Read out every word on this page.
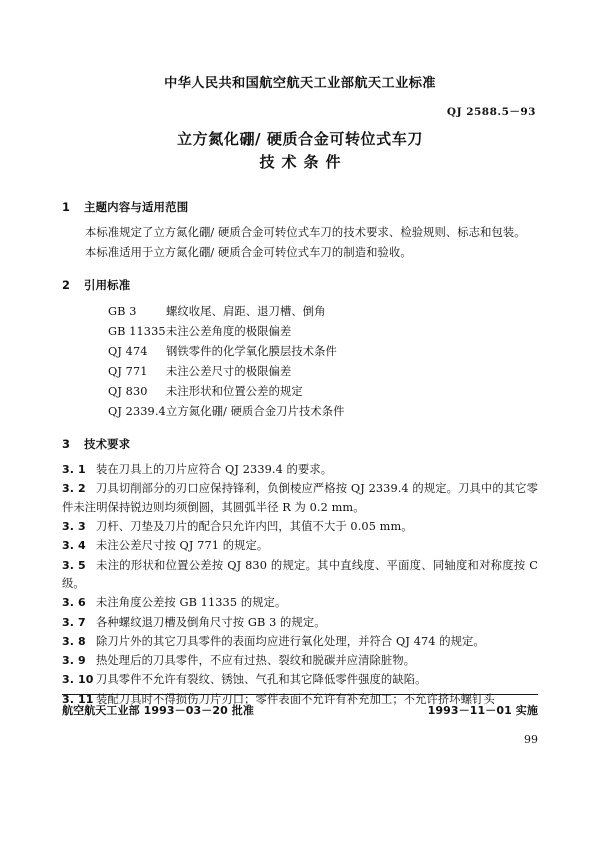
中华人民共和国航空航天工业部航天工业标准
QJ 2588.5－93
立方氮化硼/ 硬质合金可转位式车刀
技术条件
1 主题内容与适用范围

本标准规定了立方氮化硼/ 硬质合金可转位式车刀的技术要求、检验规则、标志和包装。

本标准适用于立方氮化硼/ 硬质合金可转位式车刀的制造和验收。

2 引用标准
GB 3	螺纹收尾、肩距、退刀槽、倒角
GB 11335未注公差角度的极限偏差
QJ 474 钢铁零件的化学氧化膜层技术条件
QJ 771 未注公差尺寸的极限偏差
QJ 830 未注形状和位置公差的规定
QJ 2339.4立方氮化硼/ 硬质合金刀片技术条件
3 技术要求

3. 1 装在刀具上的刀片应符合 QJ 2339.4 的要求。

3. 2 刀具切削部分的刃口应保持锋利，负倒棱应严格按 QJ 2339.4 的规定。刀具中的其它零件未注明保持锐边则均须倒圆，其圆弧半径 R 为 0.2 mm。

3. 3 刀杆、刀垫及刀片的配合只允许内凹，其值不大于 0.05 mm。

3. 4 未注公差尺寸按 QJ 771 的规定。

3. 5 未注的形状和位置公差按 QJ 830 的规定。其中直线度、平面度、同轴度和对称度按 C 级。

3. 6 未注角度公差按 GB 11335 的规定。

3. 7 各种螺纹退刀槽及倒角尺寸按 GB 3 的规定。

3. 8 除刀片外的其它刀具零件的表面均应进行氧化处理，并符合 QJ 474 的规定。

3. 9 热处理后的刀具零件，不应有过热、裂纹和脱碳并应清除脏物。

3. 10 刀具零件不允许有裂纹、锈蚀、气孔和其它降低零件强度的缺陷。

3. 11 装配刀具时不得损伤刀片刃口；零件表面不允许有补充加工；不允许挤坏螺钉头

航空航天工业部 1993－03－20 批准	1993－11－01 实施
99
